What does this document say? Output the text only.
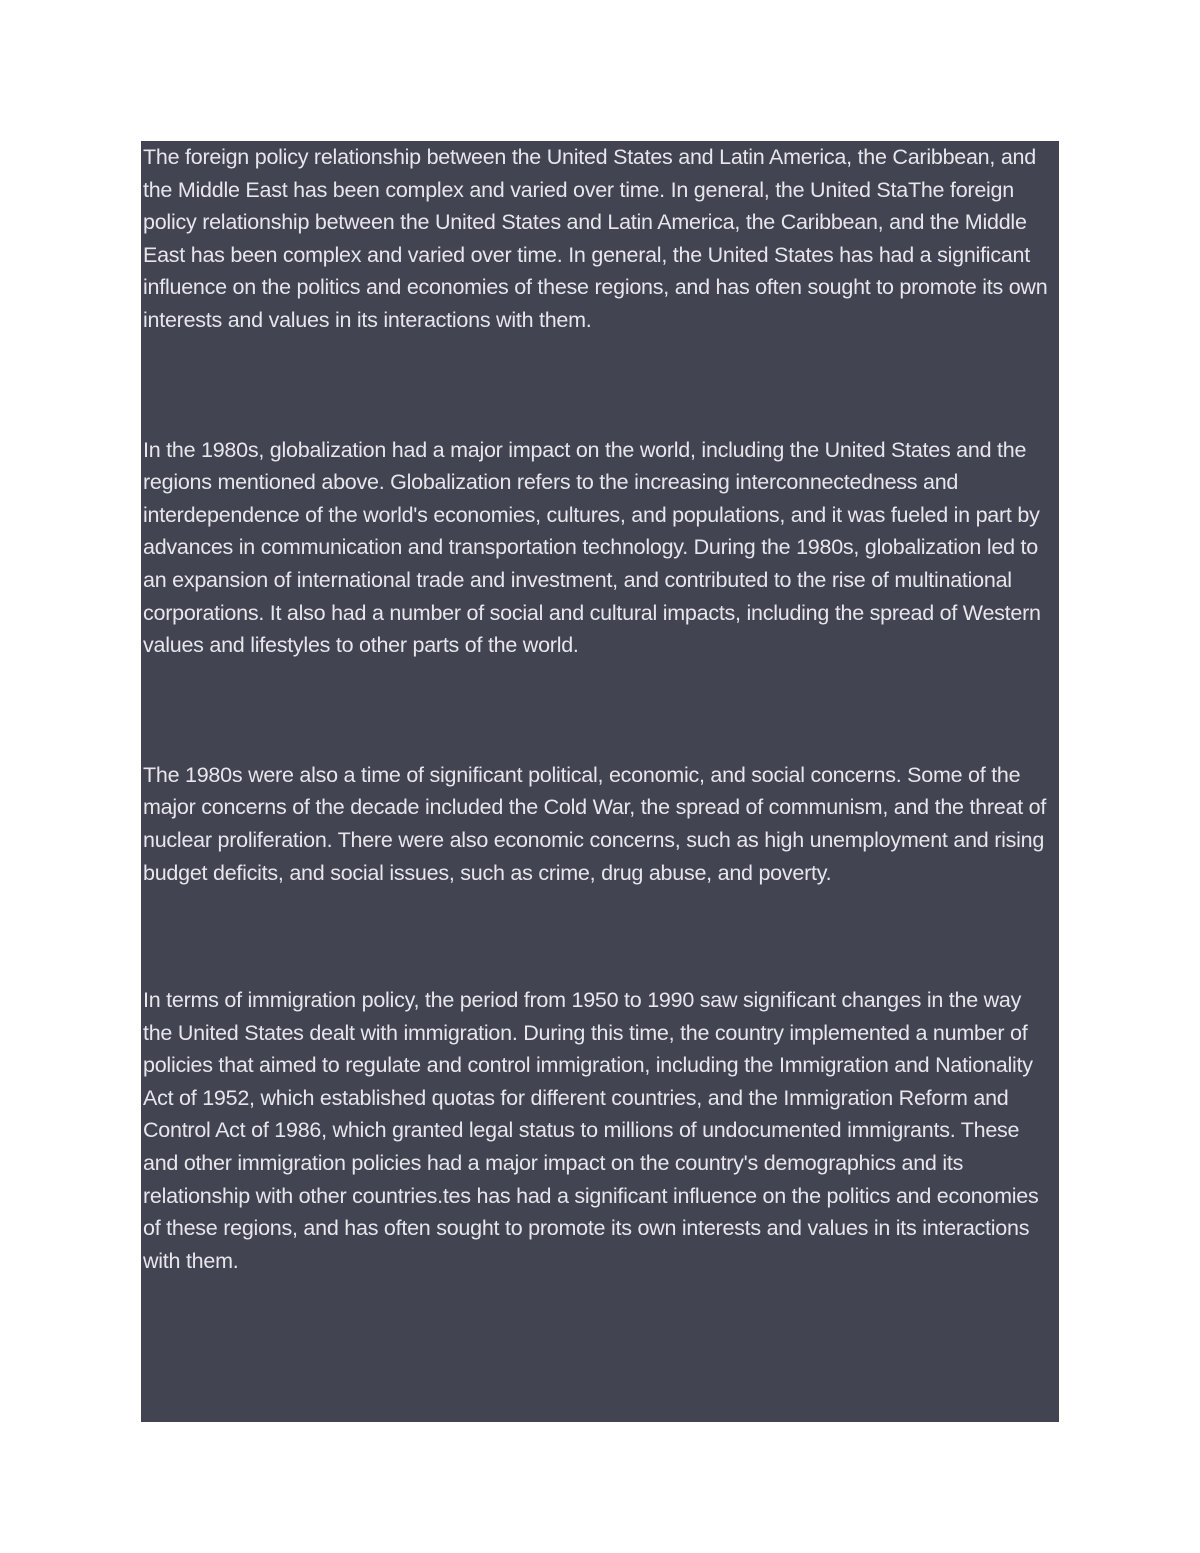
The foreign policy relationship between the United States and Latin America, the Caribbean, and the Middle East has been complex and varied over time. In general, the United StaThe foreign policy relationship between the United States and Latin America, the Caribbean, and the Middle East has been complex and varied over time. In general, the United States has had a significant influence on the politics and economies of these regions, and has often sought to promote its own interests and values in its interactions with them.

In the 1980s, globalization had a major impact on the world, including the United States and the regions mentioned above. Globalization refers to the increasing interconnectedness and interdependence of the world's economies, cultures, and populations, and it was fueled in part by advances in communication and transportation technology. During the 1980s, globalization led to an expansion of international trade and investment, and contributed to the rise of multinational corporations. It also had a number of social and cultural impacts, including the spread of Western values and lifestyles to other parts of the world.

The 1980s were also a time of significant political, economic, and social concerns. Some of the major concerns of the decade included the Cold War, the spread of communism, and the threat of nuclear proliferation. There were also economic concerns, such as high unemployment and rising budget deficits, and social issues, such as crime, drug abuse, and poverty.

In terms of immigration policy, the period from 1950 to 1990 saw significant changes in the way the United States dealt with immigration. During this time, the country implemented a number of policies that aimed to regulate and control immigration, including the Immigration and Nationality Act of 1952, which established quotas for different countries, and the Immigration Reform and Control Act of 1986, which granted legal status to millions of undocumented immigrants. These and other immigration policies had a major impact on the country's demographics and its relationship with other countries.tes has had a significant influence on the politics and economies of these regions, and has often sought to promote its own interests and values in its interactions with them.
